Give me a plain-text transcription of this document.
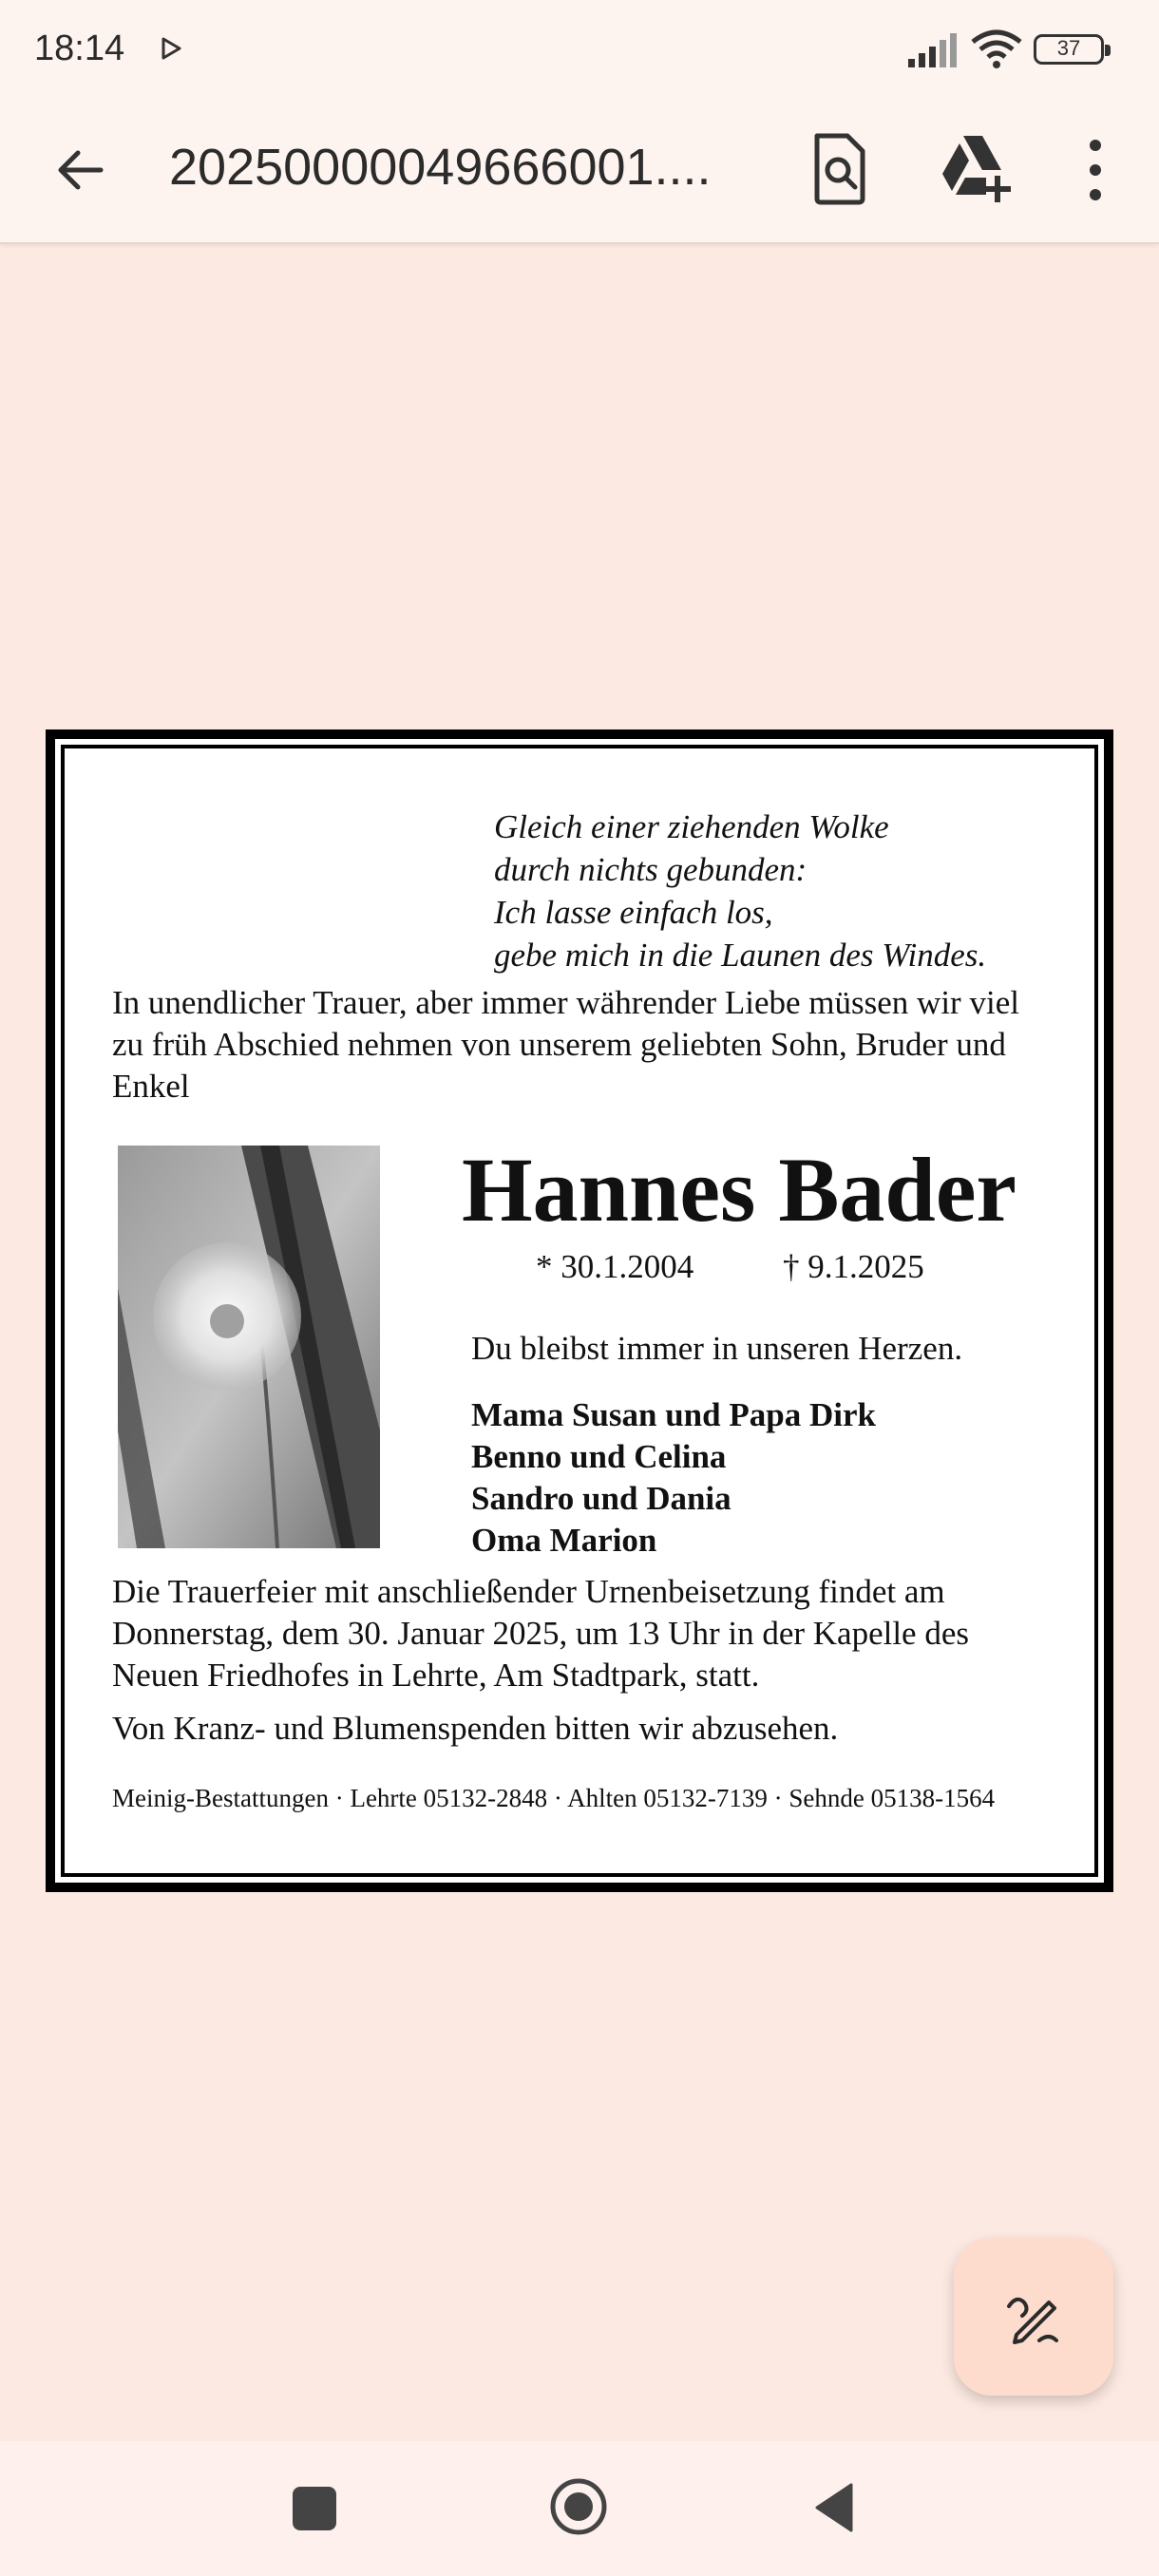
18:14	37
20250000049666001....
Gleich einer ziehenden Wolke
durch nichts gebunden:
Ich lasse einfach los,
gebe mich in die Launen des Windes.
In unendlicher Trauer, aber immer währender Liebe müssen wir viel zu früh Abschied nehmen von unserem geliebten Sohn, Bruder und Enkel
Hannes Bader
* 30.1.2004	† 9.1.2025
Du bleibst immer in unseren Herzen.
Mama Susan und Papa Dirk
Benno und Celina
Sandro und Dania
Oma Marion
Die Trauerfeier mit anschließender Urnenbeisetzung findet am Donnerstag, dem 30. Januar 2025, um 13 Uhr in der Kapelle des Neuen Friedhofes in Lehrte, Am Stadtpark, statt.
Von Kranz- und Blumenspenden bitten wir abzusehen.
Meinig-Bestattungen · Lehrte 05132-2848 · Ahlten 05132-7139 · Sehnde 05138-1564
